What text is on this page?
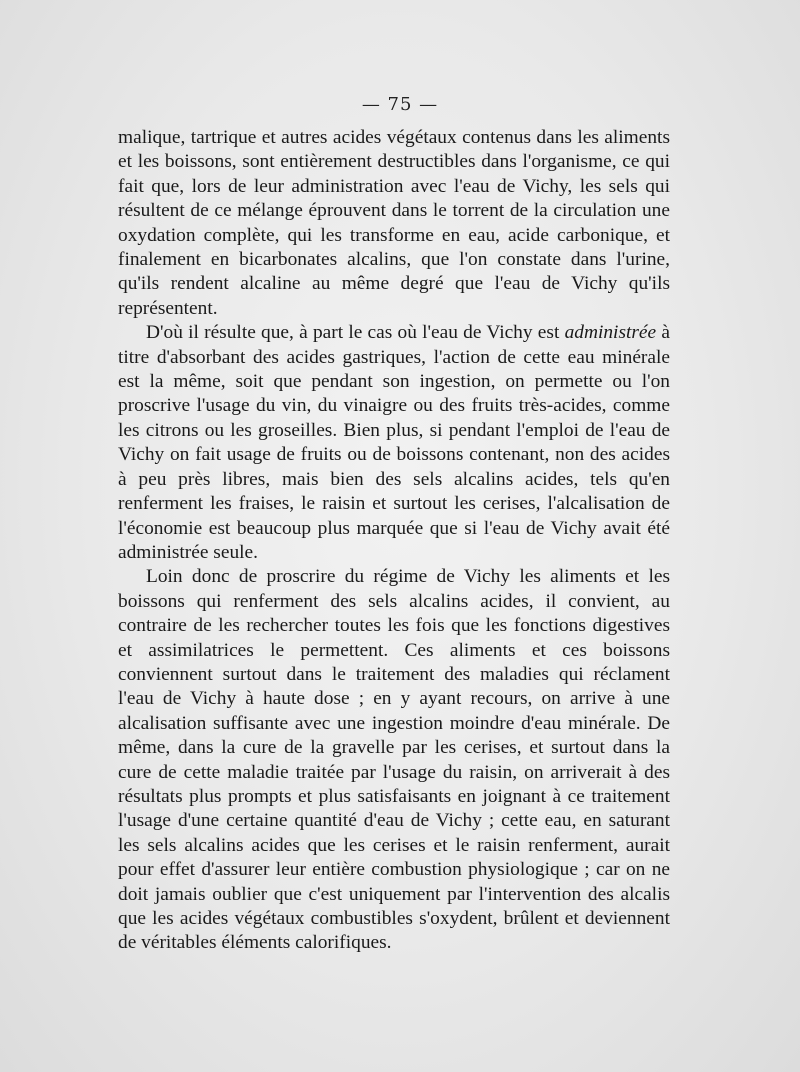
— 75 —

malique, tartrique et autres acides végétaux contenus dans les aliments et les boissons, sont entièrement destructibles dans l'organisme, ce qui fait que, lors de leur administration avec l'eau de Vichy, les sels qui résultent de ce mélange éprouvent dans le torrent de la circulation une oxydation complète, qui les transforme en eau, acide carbonique, et finalement en bicarbonates alcalins, que l'on constate dans l'urine, qu'ils rendent alcaline au même degré que l'eau de Vichy qu'ils représentent.

D'où il résulte que, à part le cas où l'eau de Vichy est administrée à titre d'absorbant des acides gastriques, l'action de cette eau minérale est la même, soit que pendant son ingestion, on permette ou l'on proscrive l'usage du vin, du vinaigre ou des fruits très-acides, comme les citrons ou les groseilles. Bien plus, si pendant l'emploi de l'eau de Vichy on fait usage de fruits ou de boissons contenant, non des acides à peu près libres, mais bien des sels alcalins acides, tels qu'en renferment les fraises, le raisin et surtout les cerises, l'alcalisation de l'économie est beaucoup plus marquée que si l'eau de Vichy avait été administrée seule.

Loin donc de proscrire du régime de Vichy les aliments et les boissons qui renferment des sels alcalins acides, il convient, au contraire de les rechercher toutes les fois que les fonctions digestives et assimilatrices le permettent. Ces aliments et ces boissons conviennent surtout dans le traitement des maladies qui réclament l'eau de Vichy à haute dose ; en y ayant recours, on arrive à une alcalisation suffisante avec une ingestion moindre d'eau minérale. De même, dans la cure de la gravelle par les cerises, et surtout dans la cure de cette maladie traitée par l'usage du raisin, on arriverait à des résultats plus prompts et plus satisfaisants en joignant à ce traitement l'usage d'une certaine quantité d'eau de Vichy ; cette eau, en saturant les sels alcalins acides que les cerises et le raisin renferment, aurait pour effet d'assurer leur entière combustion physiologique ; car on ne doit jamais oublier que c'est uniquement par l'intervention des alcalis que les acides végétaux combustibles s'oxydent, brûlent et deviennent de véritables éléments calorifiques.
